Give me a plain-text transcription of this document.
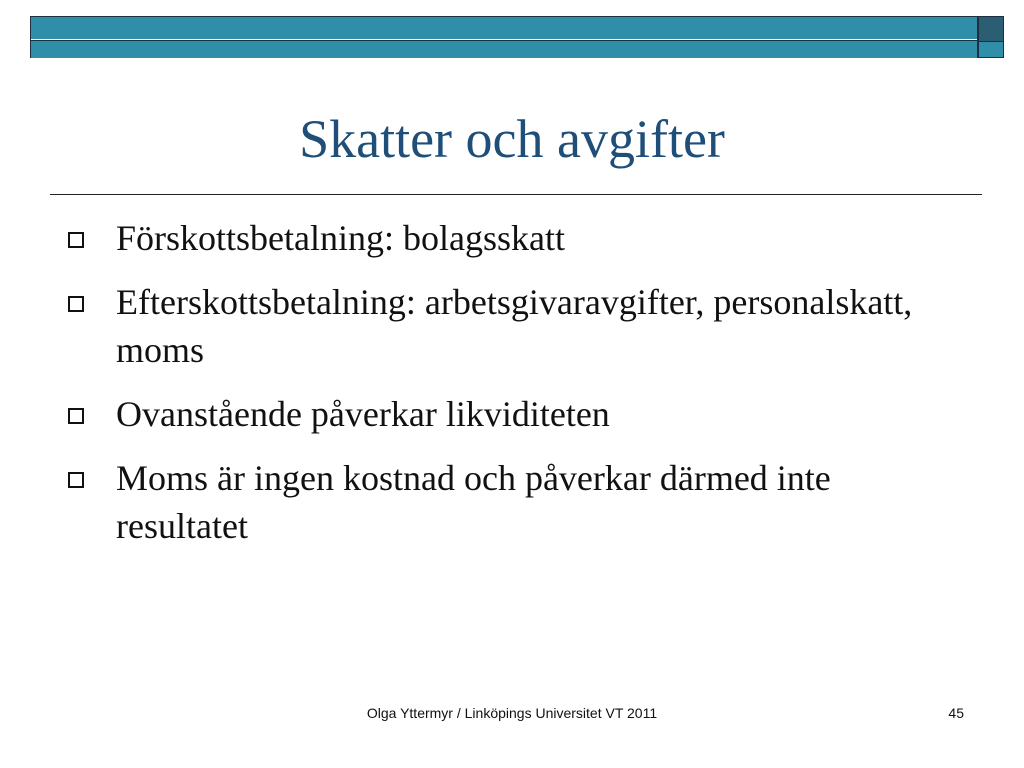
Skatter och avgifter
Förskottsbetalning: bolagsskatt
Efterskottsbetalning: arbetsgivaravgifter, personalskatt, moms
Ovanstående påverkar likviditeten
Moms är ingen kostnad och påverkar därmed inte resultatet
Olga Yttermyr / Linköpings Universitet VT 2011	45
